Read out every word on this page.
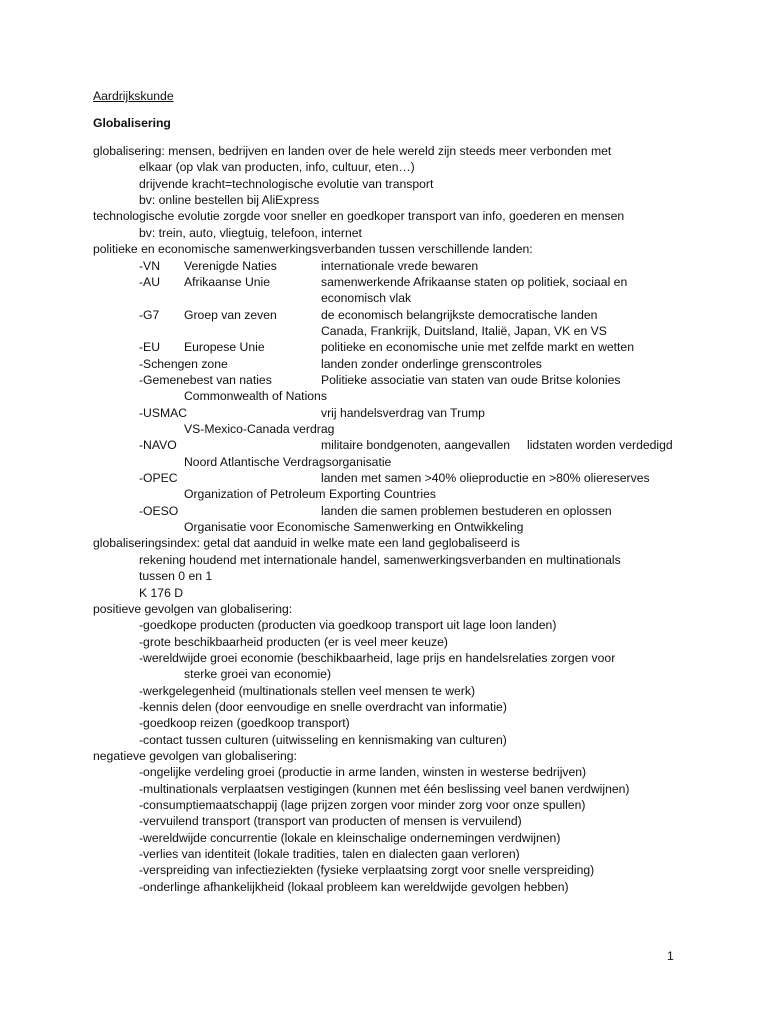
Aardrijkskunde
Globalisering
globalisering: mensen, bedrijven en landen over de hele wereld zijn steeds meer verbonden met
elkaar (op vlak van producten, info, cultuur, eten…)
drijvende kracht=technologische evolutie van transport
bv: online bestellen bij AliExpress
technologische evolutie zorgde voor sneller en goedkoper transport van info, goederen en mensen
bv: trein, auto, vliegtuig, telefoon, internet
politieke en economische samenwerkingsverbanden tussen verschillende landen:
-VN Verenigde Naties	internationale vrede bewaren
-AU Afrikaanse Unie	samenwerkende Afrikaanse staten op politiek, sociaal en
economisch vlak
-G7 Groep van zeven	de economisch belangrijkste democratische landen
Canada, Frankrijk, Duitsland, Italië, Japan, VK en VS
-EU Europese Unie	politieke en economische unie met zelfde markt en wetten
-Schengen zone	landen zonder onderlinge grenscontroles
-Gemenebest van naties	Politieke associatie van staten van oude Britse kolonies
Commonwealth of Nations
-USMAC	vrij handelsverdrag van Trump
VS-Mexico-Canada verdrag
-NAVO	militaire bondgenoten, aangevallen lidstaten worden verdedigd
Noord Atlantische Verdragsorganisatie
-OPEC	landen met samen >40% olieproductie en >80% oliereserves
Organization of Petroleum Exporting Countries
-OESO	landen die samen problemen bestuderen en oplossen
Organisatie voor Economische Samenwerking en Ontwikkeling
globaliseringsindex: getal dat aanduid in welke mate een land geglobaliseerd is
rekening houdend met internationale handel, samenwerkingsverbanden en multinationals
tussen 0 en 1
K 176 D
positieve gevolgen van globalisering:
-goedkope producten (producten via goedkoop transport uit lage loon landen)
-grote beschikbaarheid producten (er is veel meer keuze)
-wereldwijde groei economie (beschikbaarheid, lage prijs en handelsrelaties zorgen voor
sterke groei van economie)
-werkgelegenheid (multinationals stellen veel mensen te werk)
-kennis delen (door eenvoudige en snelle overdracht van informatie)
-goedkoop reizen (goedkoop transport)
-contact tussen culturen (uitwisseling en kennismaking van culturen)
negatieve gevolgen van globalisering:
-ongelijke verdeling groei (productie in arme landen, winsten in westerse bedrijven)
-multinationals verplaatsen vestigingen (kunnen met één beslissing veel banen verdwijnen)
-consumptiemaatschappij (lage prijzen zorgen voor minder zorg voor onze spullen)
-vervuilend transport (transport van producten of mensen is vervuilend)
-wereldwijde concurrentie (lokale en kleinschalige ondernemingen verdwijnen)
-verlies van identiteit (lokale tradities, talen en dialecten gaan verloren)
-verspreiding van infectieziekten (fysieke verplaatsing zorgt voor snelle verspreiding)
-onderlinge afhankelijkheid (lokaal probleem kan wereldwijde gevolgen hebben)
1
